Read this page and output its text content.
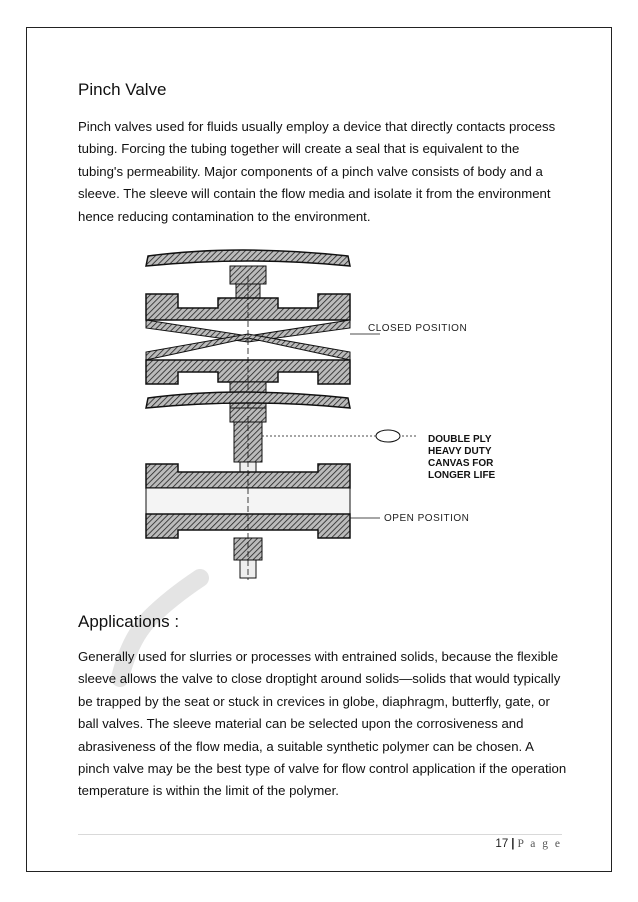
Pinch Valve

Pinch valves used for fluids usually employ a device that directly contacts process tubing. Forcing the tubing together will create a seal that is equivalent to the tubing's permeability. Major components of a pinch valve consists of body and a sleeve. The sleeve will contain the flow media and isolate it from the environment hence reducing contamination to the environment.

CLOSED POSITION
DOUBLE PLY
HEAVY DUTY
CANVAS FOR
LONGER LIFE
OPEN POSITION
Applications :

Generally used for slurries or processes with entrained solids, because the flexible sleeve allows the valve to close droptight around solids—solids that would typically be trapped by the seat or stuck in crevices in globe, diaphragm, butterfly, gate, or ball valves. The sleeve material can be selected upon the corrosiveness and abrasiveness of the flow media, a suitable synthetic polymer can be chosen. A pinch valve may be the best type of valve for flow control application if the operation temperature is within the limit of the polymer.

17 | P a g e
